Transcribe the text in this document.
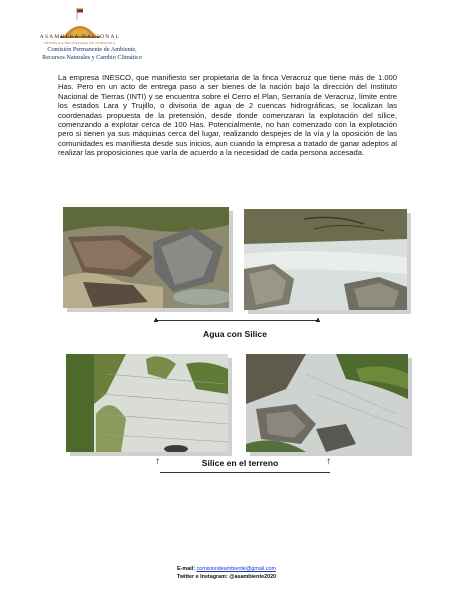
ASAMBLEA NACIONAL
REPÚBLICA BOLIVARIANA DE VENEZUELA
Comisión Permanente de Ambiente,
Recursos Naturales y Cambio Climático
La empresa INESCO, que manifiesto ser propietaria de la finca Veracruz que tiene más de 1.000 Has. Pero en un acto de entrega paso a ser bienes de la nación bajo la dirección del Instituto Nacional de Tierras (INTI) y se encuentra sobre el Cerro el Plan, Serranía de Veracruz, límite entre los estados Lara y Trujillo, o divisoria de agua de 2 cuencas hidrográficas, se localizan las coordenadas propuesta de la pretensión, desde donde comenzaran la explotación del sílice, comenzando a explotar cerca de 100 Has. Potencialmente, no han comenzado con la explotación pero si tienen ya sus máquinas cerca del lugar, realizando despejes de la vía y la oposición de las comunidades es manifiesta desde sus inicios, aun cuando la empresa a tratado de ganar adeptos al realizar las proposiciones que varía de acuerdo a la necesidad de cada persona accesada.
▲	▲
Agua con Silice
↑	↑
Silice en el terreno
E-mail: comisiondeambiente@gmail.com
Twitter e Instagram: @asambiente2020
